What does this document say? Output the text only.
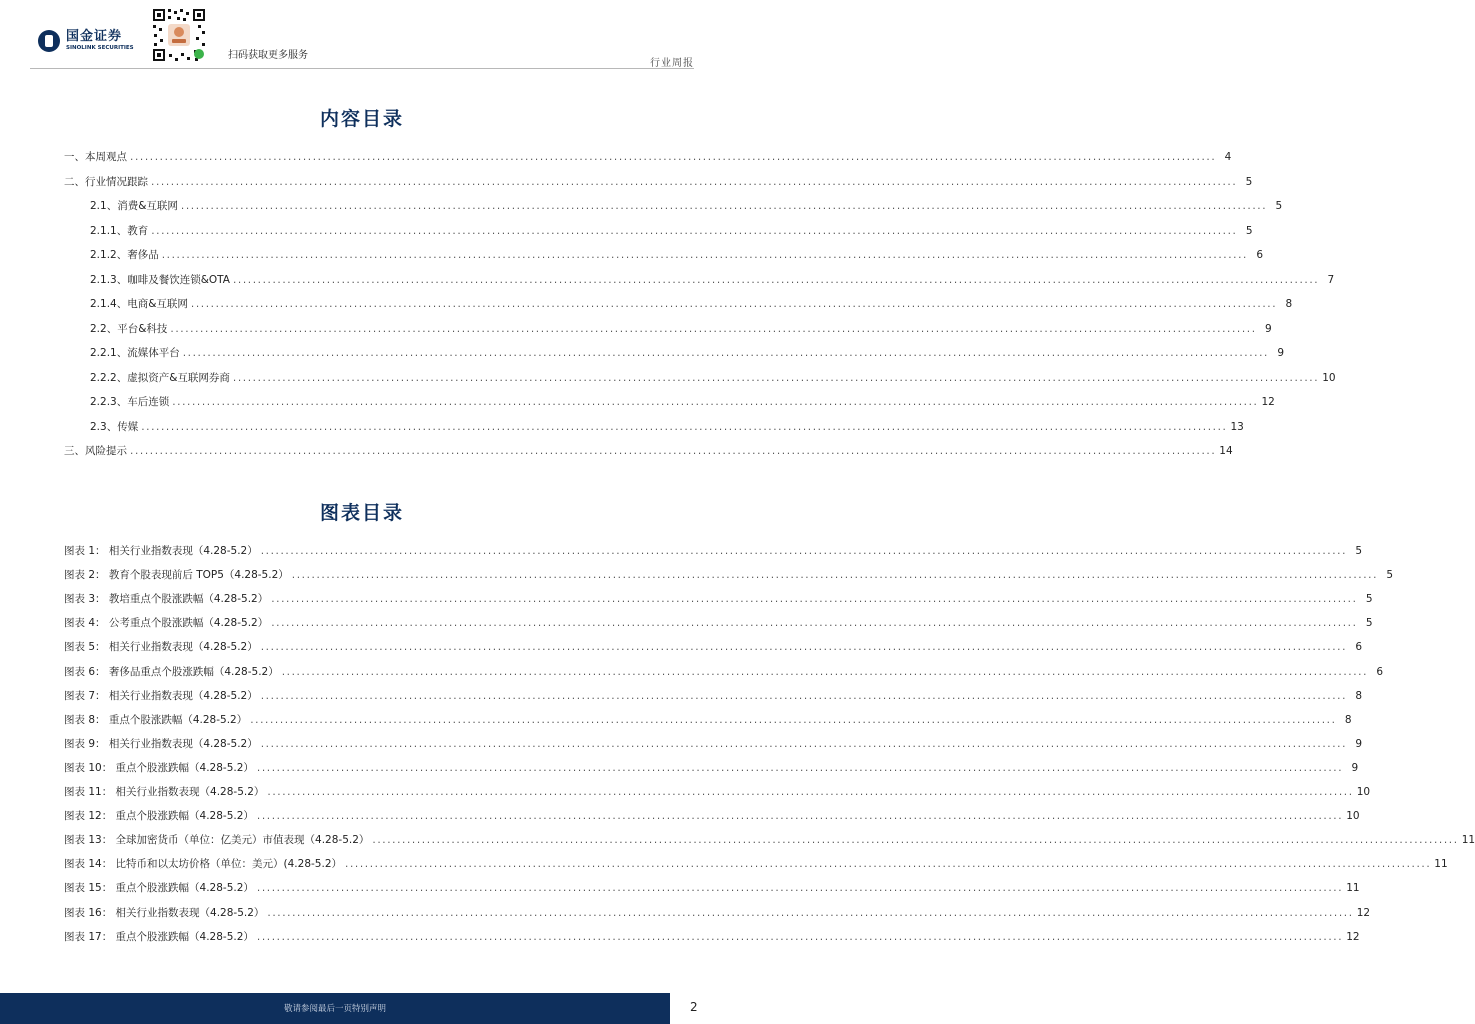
国金证券
SINOLINK SECURITIES
扫码获取更多服务
行业周报
内容目录
图表目录
一、本周观点 ............................................................................................................................................................................................................................ 4
二、行业情况跟踪 ............................................................................................................................................................................................................................ 5
2.1、消费&互联网 ............................................................................................................................................................................................................................ 5
2.1.1、教育 ............................................................................................................................................................................................................................ 5
2.1.2、奢侈品 ............................................................................................................................................................................................................................ 6
2.1.3、咖啡及餐饮连锁&OTA ............................................................................................................................................................................................................................ 7
2.1.4、电商&互联网 ............................................................................................................................................................................................................................ 8
2.2、平台&科技 ............................................................................................................................................................................................................................ 9
2.2.1、流媒体平台 ............................................................................................................................................................................................................................ 9
2.2.2、虚拟资产&互联网券商 ............................................................................................................................................................................................................................ 10
2.2.3、车后连锁 ............................................................................................................................................................................................................................ 12
2.3、传媒 ............................................................................................................................................................................................................................ 13
三、风险提示 ............................................................................................................................................................................................................................ 14
图表 1： 相关行业指数表现（4.28-5.2） ............................................................................................................................................................................................................................ 5
图表 2： 教育个股表现前后 TOP5（4.28-5.2） ............................................................................................................................................................................................................................ 5
图表 3： 教培重点个股涨跌幅（4.28-5.2） ............................................................................................................................................................................................................................ 5
图表 4： 公考重点个股涨跌幅（4.28-5.2） ............................................................................................................................................................................................................................ 5
图表 5： 相关行业指数表现（4.28-5.2） ............................................................................................................................................................................................................................ 6
图表 6： 奢侈品重点个股涨跌幅（4.28-5.2） ............................................................................................................................................................................................................................ 6
图表 7： 相关行业指数表现（4.28-5.2） ............................................................................................................................................................................................................................ 8
图表 8： 重点个股涨跌幅（4.28-5.2） ............................................................................................................................................................................................................................ 8
图表 9： 相关行业指数表现（4.28-5.2） ............................................................................................................................................................................................................................ 9
图表 10： 重点个股涨跌幅（4.28-5.2） ............................................................................................................................................................................................................................ 9
图表 11： 相关行业指数表现（4.28-5.2） ............................................................................................................................................................................................................................ 10
图表 12： 重点个股涨跌幅（4.28-5.2） ............................................................................................................................................................................................................................ 10
图表 13： 全球加密货币（单位：亿美元）市值表现（4.28-5.2） ............................................................................................................................................................................................................................ 11
图表 14： 比特币和以太坊价格（单位：美元）(4.28-5.2） ............................................................................................................................................................................................................................ 11
图表 15： 重点个股涨跌幅（4.28-5.2） ............................................................................................................................................................................................................................ 11
图表 16： 相关行业指数表现（4.28-5.2） ............................................................................................................................................................................................................................ 12
图表 17： 重点个股涨跌幅（4.28-5.2） ............................................................................................................................................................................................................................ 12
敬请参阅最后一页特别声明	2
